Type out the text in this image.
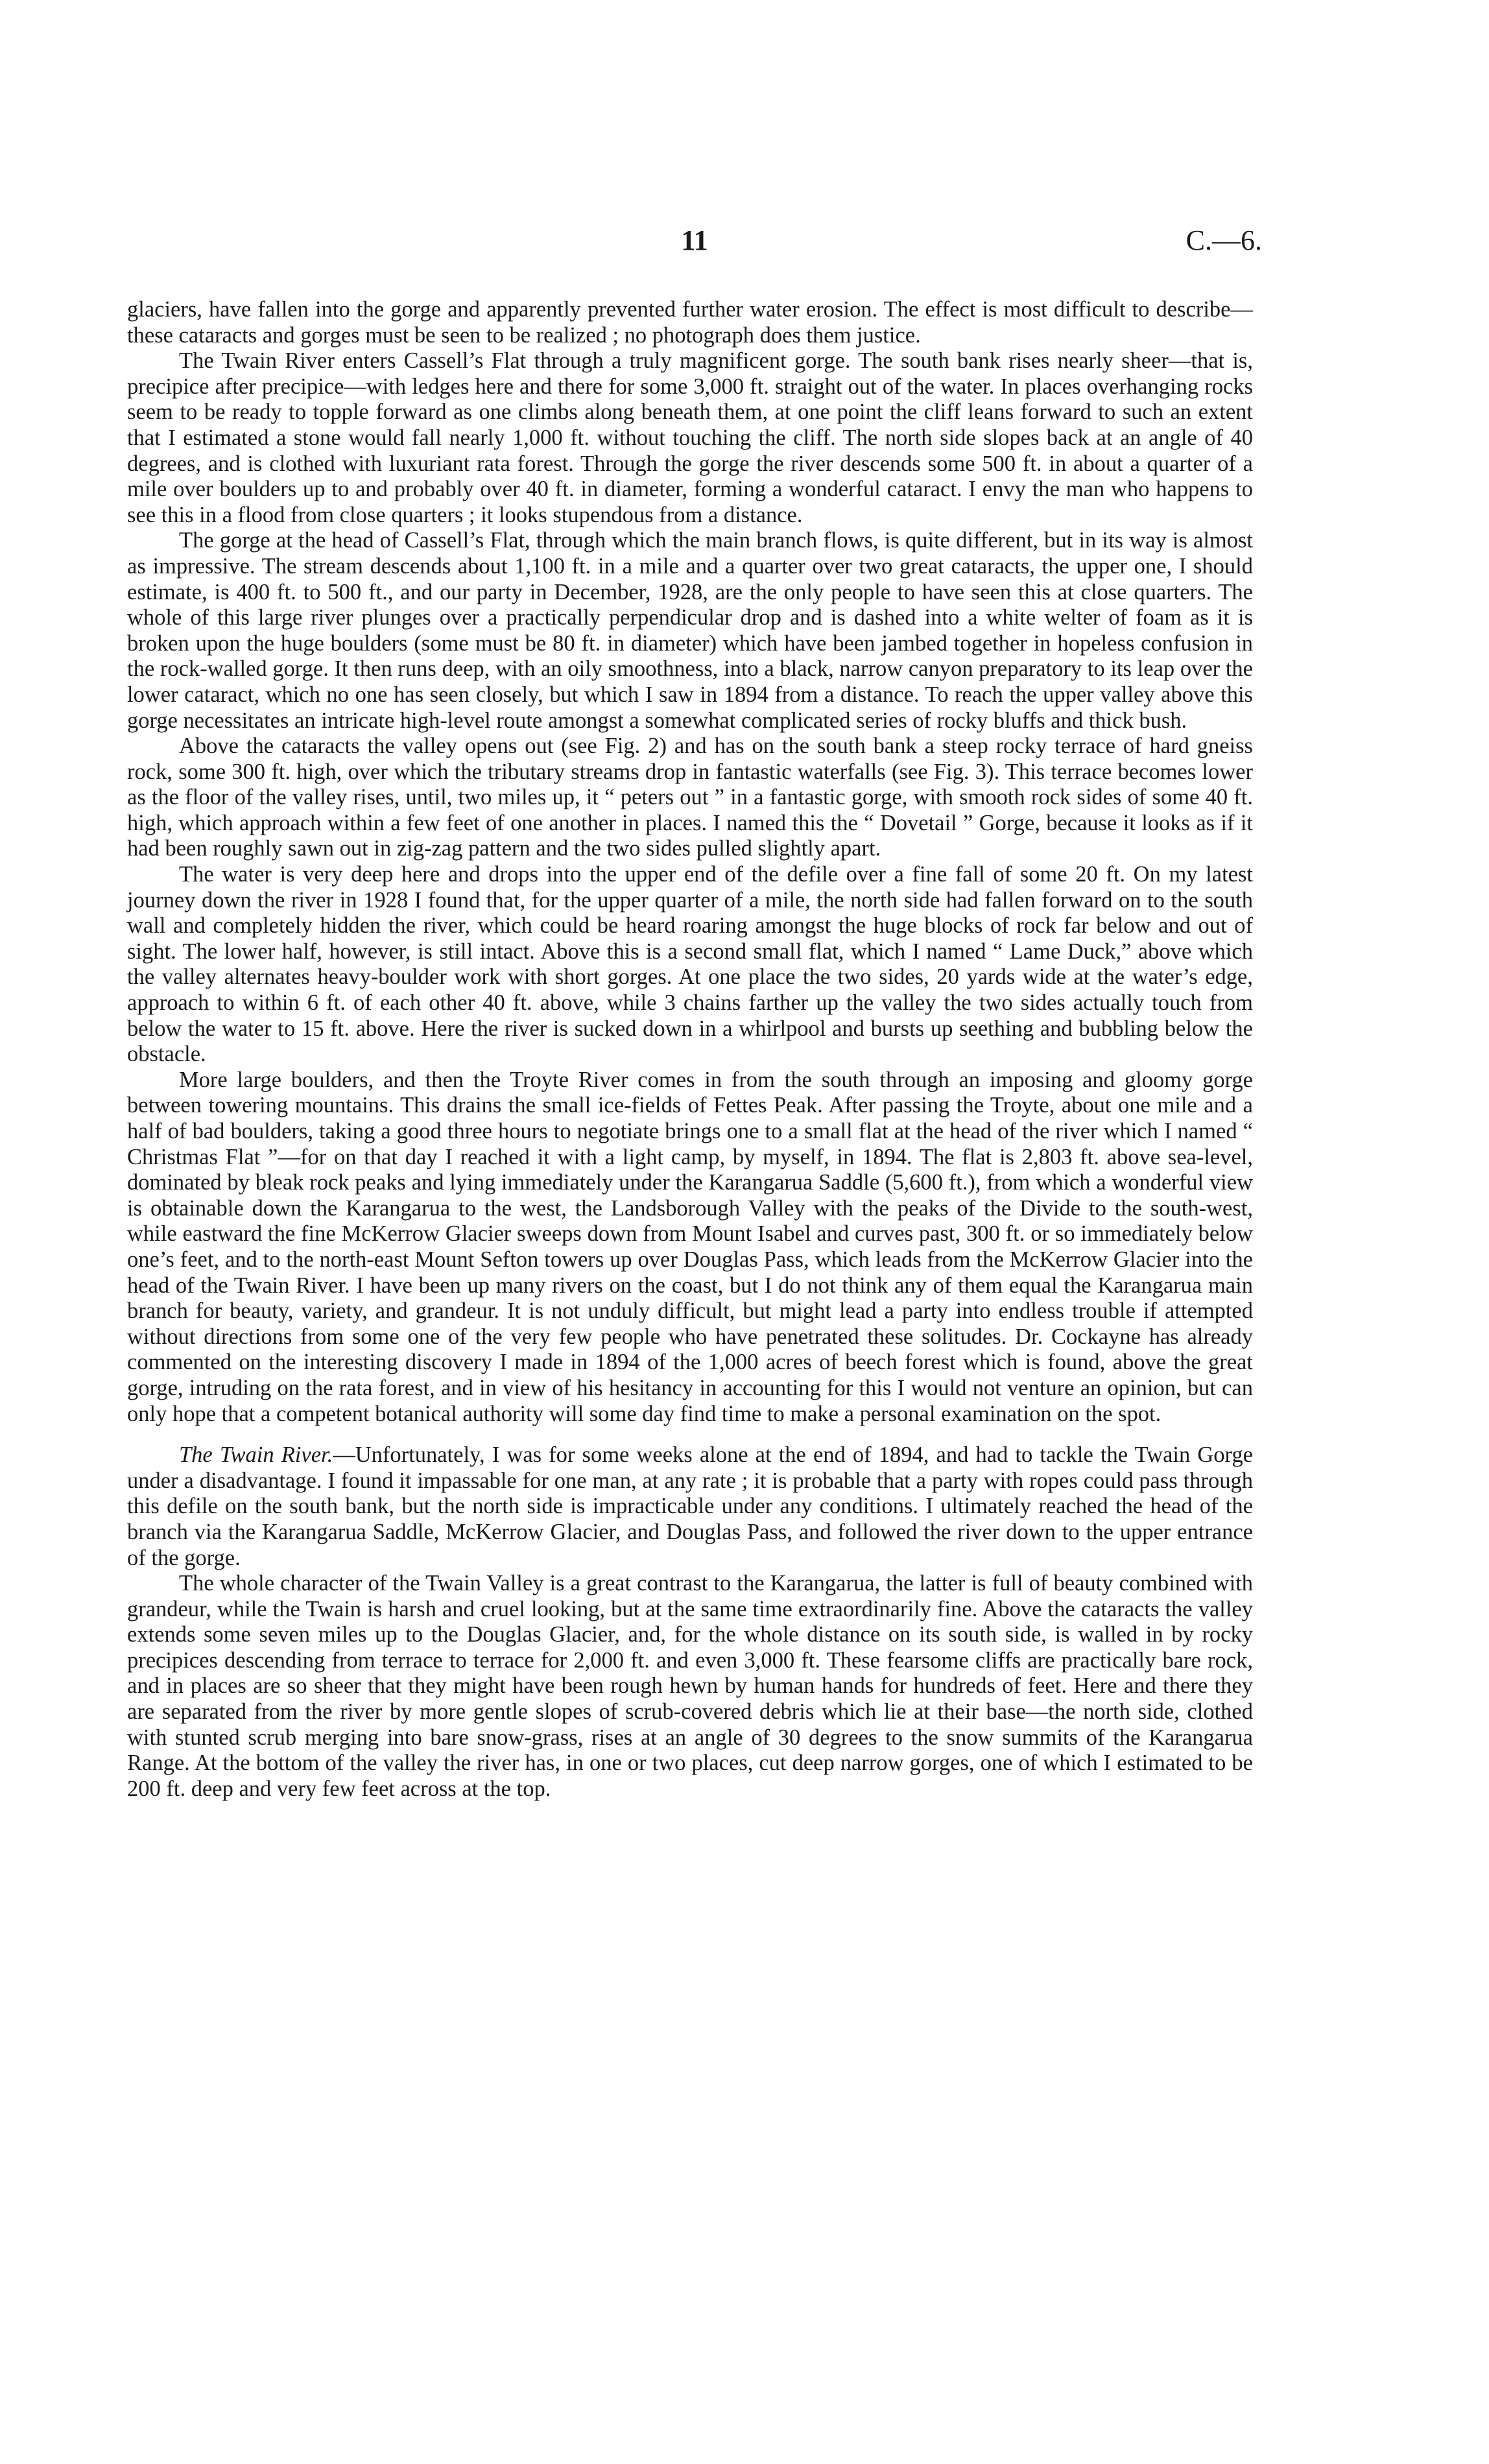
11	C.—6.

glaciers, have fallen into the gorge and apparently prevented further water erosion. The effect is most difficult to describe—these cataracts and gorges must be seen to be realized ; no photograph does them justice.

The Twain River enters Cassell’s Flat through a truly magnificent gorge. The south bank rises nearly sheer—that is, precipice after precipice—with ledges here and there for some 3,000 ft. straight out of the water. In places overhanging rocks seem to be ready to topple forward as one climbs along beneath them, at one point the cliff leans forward to such an extent that I estimated a stone would fall nearly 1,000 ft. without touching the cliff. The north side slopes back at an angle of 40 degrees, and is clothed with luxuriant rata forest. Through the gorge the river descends some 500 ft. in about a quarter of a mile over boulders up to and probably over 40 ft. in diameter, forming a wonderful cataract. I envy the man who happens to see this in a flood from close quarters ; it looks stupendous from a distance.

The gorge at the head of Cassell’s Flat, through which the main branch flows, is quite different, but in its way is almost as impressive. The stream descends about 1,100 ft. in a mile and a quarter over two great cataracts, the upper one, I should estimate, is 400 ft. to 500 ft., and our party in December, 1928, are the only people to have seen this at close quarters. The whole of this large river plunges over a practically perpendicular drop and is dashed into a white welter of foam as it is broken upon the huge boulders (some must be 80 ft. in diameter) which have been jambed together in hopeless confusion in the rock-walled gorge. It then runs deep, with an oily smoothness, into a black, narrow canyon preparatory to its leap over the lower cataract, which no one has seen closely, but which I saw in 1894 from a distance. To reach the upper valley above this gorge necessitates an intricate high-level route amongst a somewhat complicated series of rocky bluffs and thick bush.

Above the cataracts the valley opens out (see Fig. 2) and has on the south bank a steep rocky terrace of hard gneiss rock, some 300 ft. high, over which the tributary streams drop in fantastic waterfalls (see Fig. 3). This terrace becomes lower as the floor of the valley rises, until, two miles up, it “ peters out ” in a fantastic gorge, with smooth rock sides of some 40 ft. high, which approach within a few feet of one another in places. I named this the “ Dovetail ” Gorge, because it looks as if it had been roughly sawn out in zig-zag pattern and the two sides pulled slightly apart.

The water is very deep here and drops into the upper end of the defile over a fine fall of some 20 ft. On my latest journey down the river in 1928 I found that, for the upper quarter of a mile, the north side had fallen forward on to the south wall and completely hidden the river, which could be heard roaring amongst the huge blocks of rock far below and out of sight. The lower half, however, is still intact. Above this is a second small flat, which I named “ Lame Duck,” above which the valley alternates heavy-boulder work with short gorges. At one place the two sides, 20 yards wide at the water’s edge, approach to within 6 ft. of each other 40 ft. above, while 3 chains farther up the valley the two sides actually touch from below the water to 15 ft. above. Here the river is sucked down in a whirlpool and bursts up seething and bubbling below the obstacle.

More large boulders, and then the Troyte River comes in from the south through an imposing and gloomy gorge between towering mountains. This drains the small ice-fields of Fettes Peak. After passing the Troyte, about one mile and a half of bad boulders, taking a good three hours to negotiate brings one to a small flat at the head of the river which I named “ Christmas Flat ”—for on that day I reached it with a light camp, by myself, in 1894. The flat is 2,803 ft. above sea-level, dominated by bleak rock peaks and lying immediately under the Karangarua Saddle (5,600 ft.), from which a wonderful view is obtainable down the Karangarua to the west, the Landsborough Valley with the peaks of the Divide to the south-west, while eastward the fine McKerrow Glacier sweeps down from Mount Isabel and curves past, 300 ft. or so immediately below one’s feet, and to the north-east Mount Sefton towers up over Douglas Pass, which leads from the McKerrow Glacier into the head of the Twain River. I have been up many rivers on the coast, but I do not think any of them equal the Karangarua main branch for beauty, variety, and grandeur. It is not unduly difficult, but might lead a party into endless trouble if attempted without directions from some one of the very few people who have penetrated these solitudes. Dr. Cockayne has already commented on the interesting discovery I made in 1894 of the 1,000 acres of beech forest which is found, above the great gorge, intruding on the rata forest, and in view of his hesitancy in accounting for this I would not venture an opinion, but can only hope that a competent botanical authority will some day find time to make a personal examination on the spot.

The Twain River.—Unfortunately, I was for some weeks alone at the end of 1894, and had to tackle the Twain Gorge under a disadvantage. I found it impassable for one man, at any rate ; it is probable that a party with ropes could pass through this defile on the south bank, but the north side is impracticable under any conditions. I ultimately reached the head of the branch via the Karangarua Saddle, McKerrow Glacier, and Douglas Pass, and followed the river down to the upper entrance of the gorge.

The whole character of the Twain Valley is a great contrast to the Karangarua, the latter is full of beauty combined with grandeur, while the Twain is harsh and cruel looking, but at the same time extraordinarily fine. Above the cataracts the valley extends some seven miles up to the Douglas Glacier, and, for the whole distance on its south side, is walled in by rocky precipices descending from terrace to terrace for 2,000 ft. and even 3,000 ft. These fearsome cliffs are practically bare rock, and in places are so sheer that they might have been rough hewn by human hands for hundreds of feet. Here and there they are separated from the river by more gentle slopes of scrub-covered debris which lie at their base—the north side, clothed with stunted scrub merging into bare snow-grass, rises at an angle of 30 degrees to the snow summits of the Karangarua Range. At the bottom of the valley the river has, in one or two places, cut deep narrow gorges, one of which I estimated to be 200 ft. deep and very few feet across at the top.
